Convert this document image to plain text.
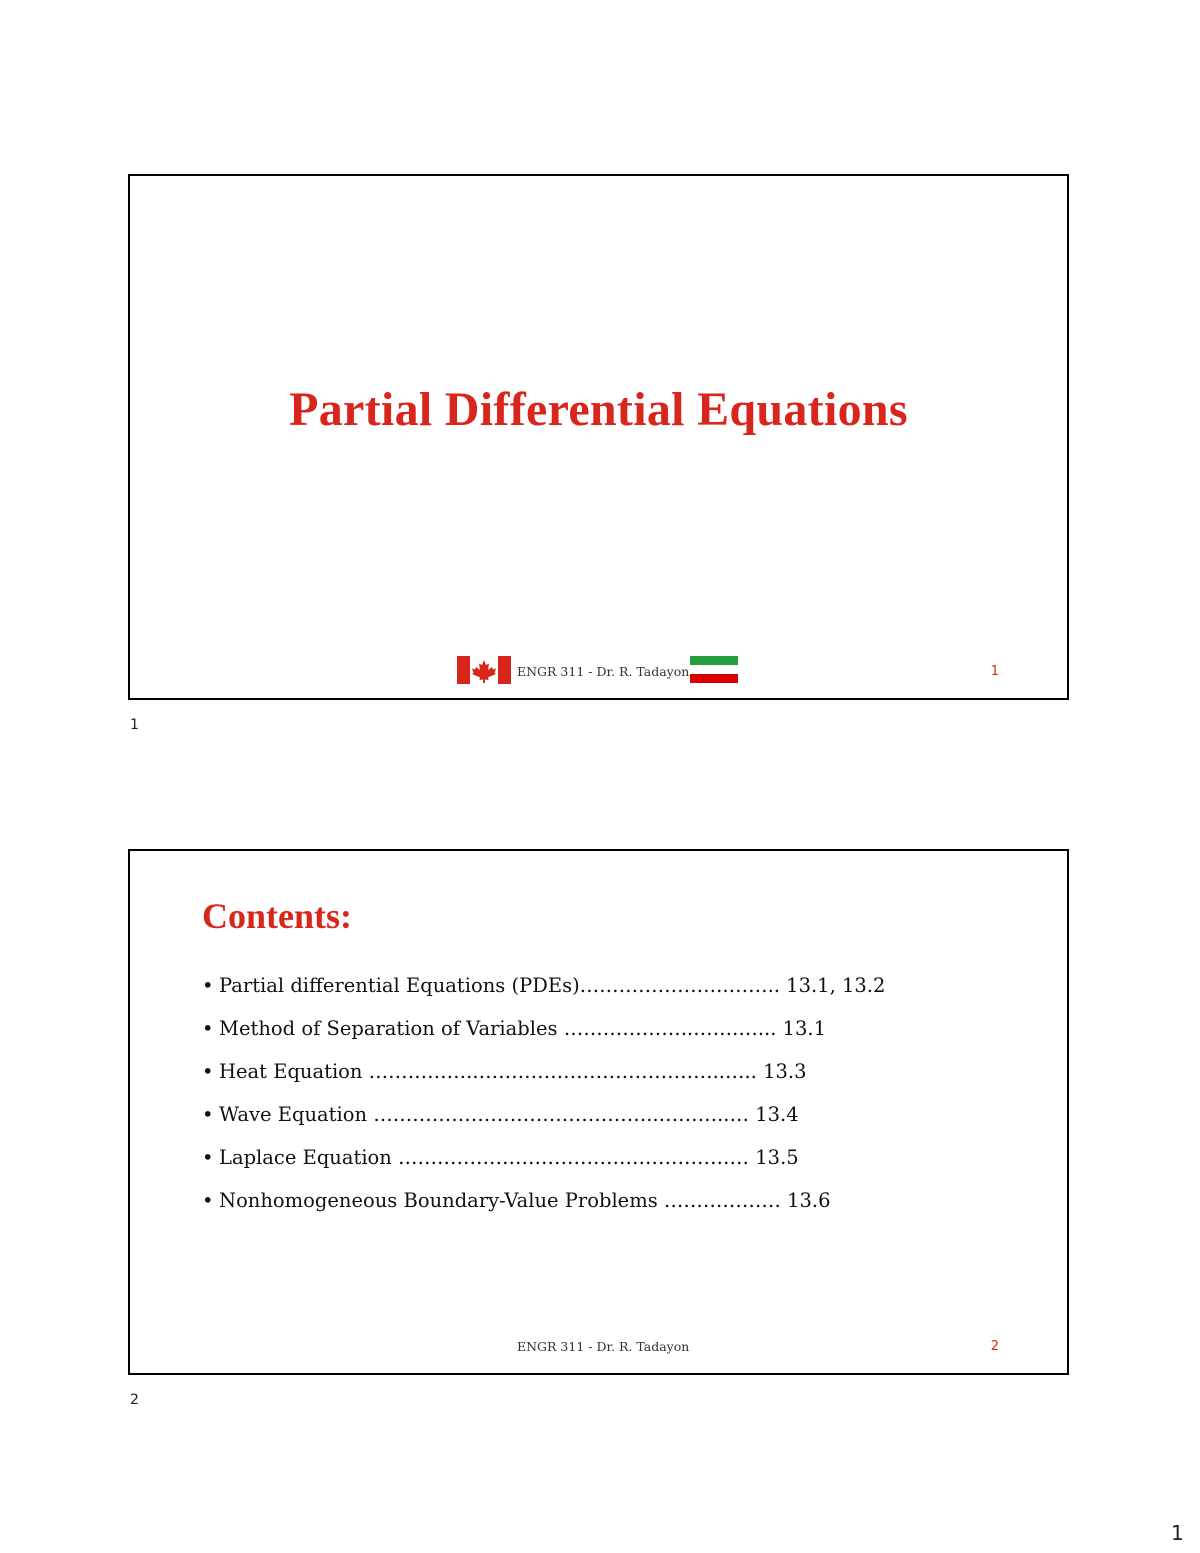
Partial Differential Equations
ENGR 311 - Dr. R. Tadayon	1
1
Contents:
• Partial differential Equations (PDEs)…………………..…….. 13.1, 13.2
• Method of Separation of Variables ………………..…….…... 13.1
• Heat Equation ……………..………………………………..….. 13.3
• Wave Equation ……………………………………..………..… 13.4
• Laplace Equation ……………………………………………… 13.5
• Nonhomogeneous Boundary-Value Problems ……………… 13.6
ENGR 311 - Dr. R. Tadayon	2
2
1
